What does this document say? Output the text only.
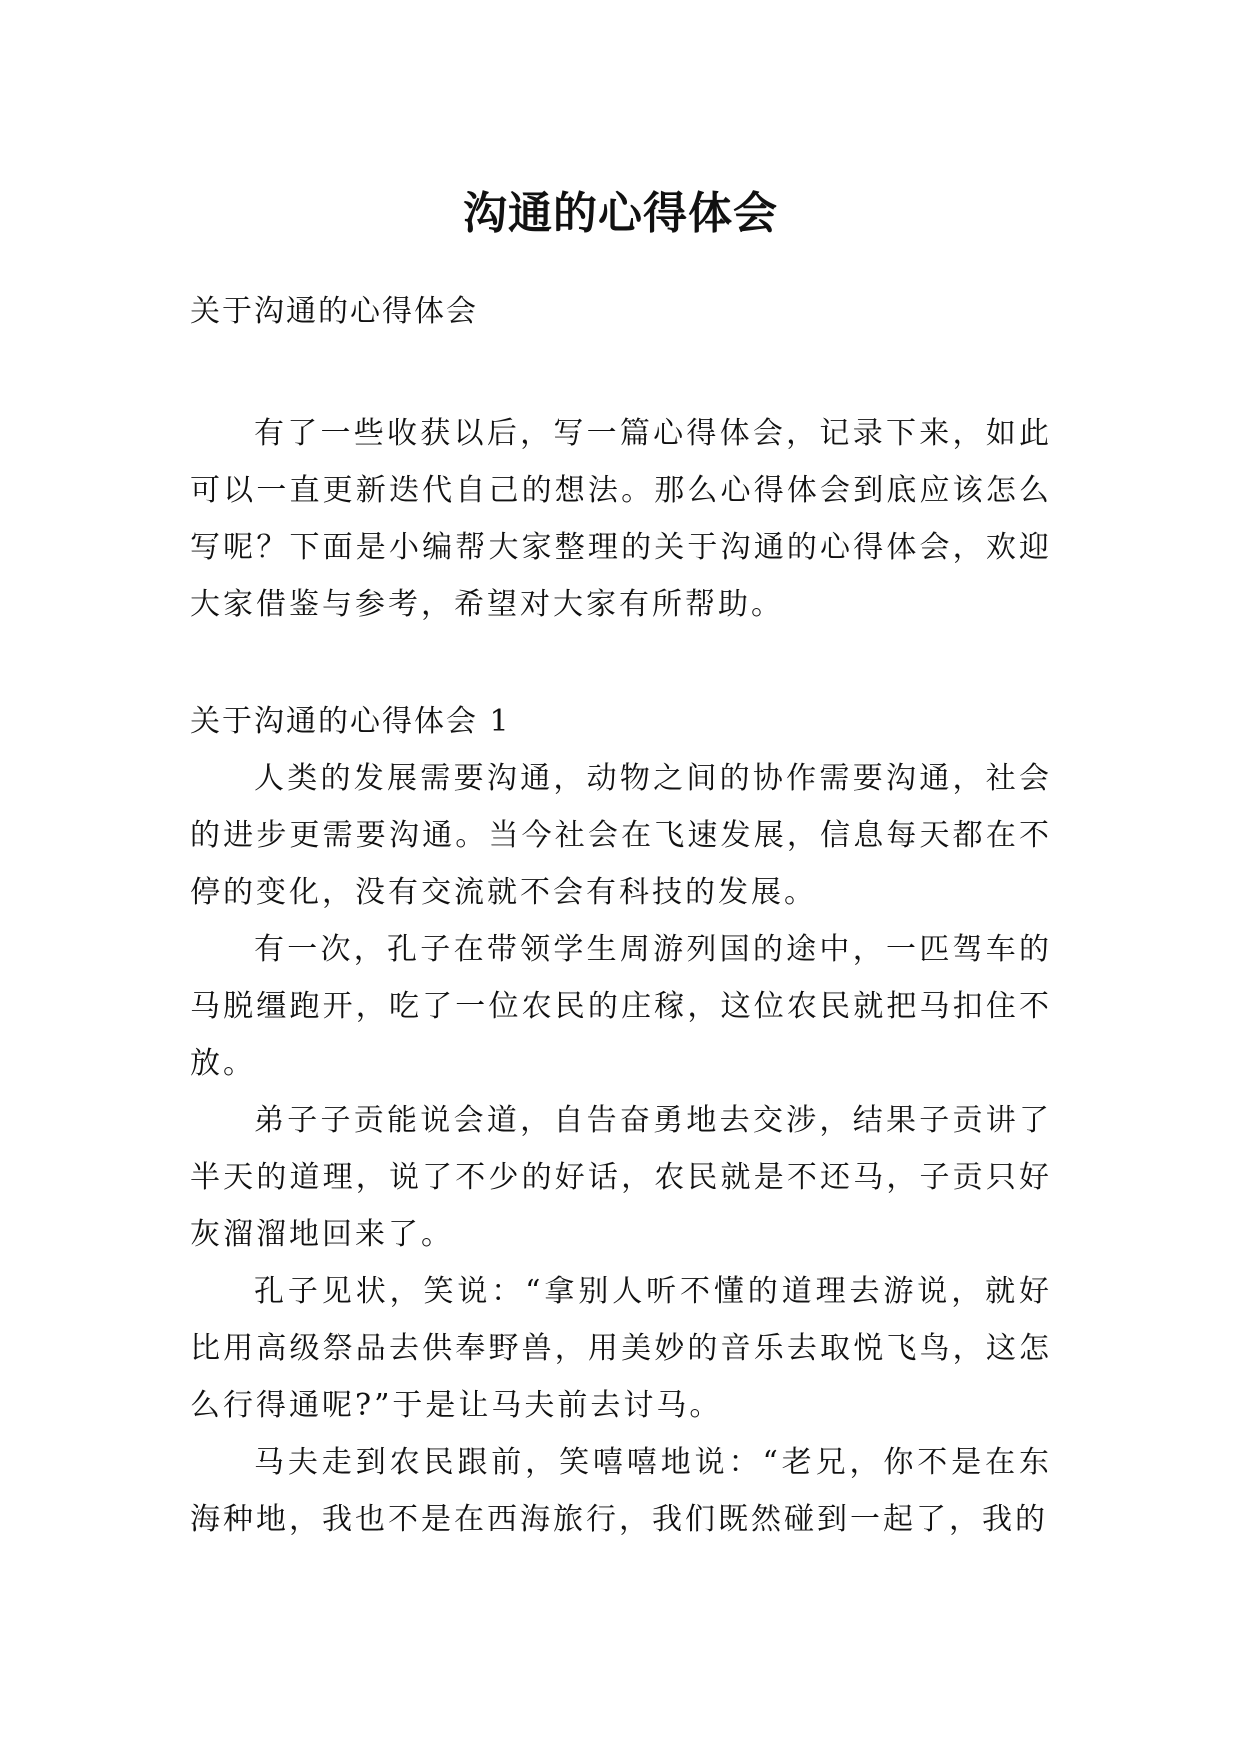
沟通的心得体会
关于沟通的心得体会

有了一些收获以后，写一篇心得体会，记录下来，如此可以一直更新迭代自己的想法。那么心得体会到底应该怎么写呢？下面是小编帮大家整理的关于沟通的心得体会，欢迎大家借鉴与参考，希望对大家有所帮助。

关于沟通的心得体会 1

人类的发展需要沟通，动物之间的协作需要沟通，社会的进步更需要沟通。当今社会在飞速发展，信息每天都在不停的变化，没有交流就不会有科技的发展。

有一次，孔子在带领学生周游列国的途中，一匹驾车的马脱缰跑开，吃了一位农民的庄稼，这位农民就把马扣住不放。

弟子子贡能说会道，自告奋勇地去交涉，结果子贡讲了半天的道理，说了不少的好话，农民就是不还马，子贡只好灰溜溜地回来了。

孔子见状，笑说：“拿别人听不懂的道理去游说，就好比用高级祭品去供奉野兽，用美妙的音乐去取悦飞鸟，这怎么行得通呢?”于是让马夫前去讨马。

马夫走到农民跟前，笑嘻嘻地说：“老兄，你不是在东海种地，我也不是在西海旅行，我们既然碰到一起了，我的
